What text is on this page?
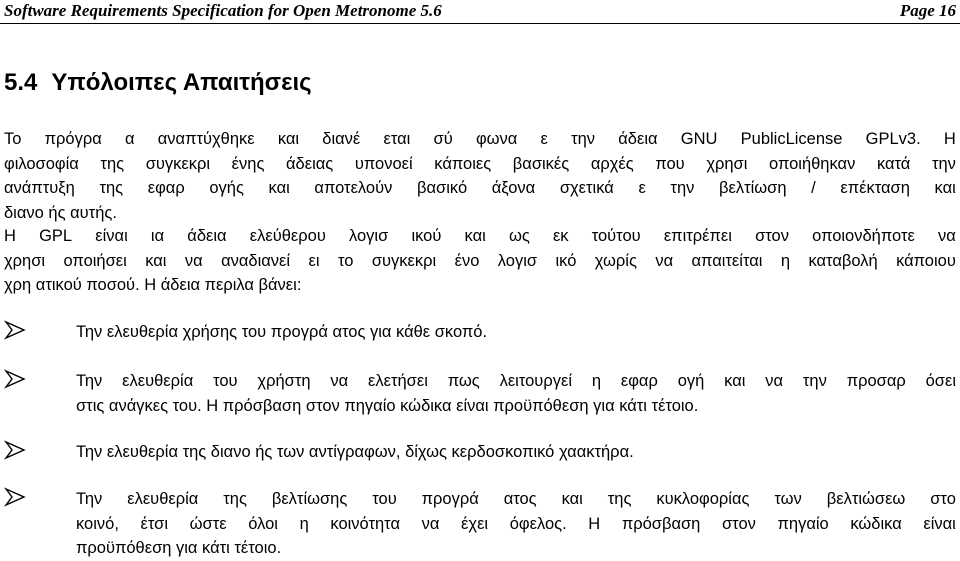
Software Requirements Specification for Open Metronome 5.6	Page 16
5.4 Υπόλοιπες Απαιτήσεις
Το πρόγρα α αναπτύχθηκε και διανέ εται σύ φωνα ε την άδεια GNU PublicLicense GPLv3. Η
φιλοσοφία της συγκεκρι ένης άδειας υπονοεί κάποιες βασικές αρχές που χρησι οποιήθηκαν κατά την
ανάπτυξη της εφαρ ογής και αποτελούν βασικό άξονα σχετικά ε την βελτίωση / επέκταση και
διανο ής αυτής.
Η GPL είναι ια άδεια ελεύθερου λογισ ικού και ως εκ τούτου επιτρέπει στον οποιονδήποτε να
χρησι οποιήσει και να αναδιανεί ει το συγκεκρι ένο λογισ ικό χωρίς να απαιτείται η καταβολή κάποιου
χρη ατικού ποσού. Η άδεια περιλα βάνει:
Την ελευθερία χρήσης του προγρά ατος για κάθε σκοπό.
Την ελευθερία του χρήστη να ελετήσει πως λειτουργεί η εφαρ ογή και να την προσαρ όσει
στις ανάγκες του. Η πρόσβαση στον πηγαίο κώδικα είναι προϋπόθεση για κάτι τέτοιο.
Την ελευθερία της διανο ής των αντίγραφων, δίχως κερδοσκοπικό χαακτήρα.
Την ελευθερία της βελτίωσης του προγρά ατος και της κυκλοφορίας των βελτιώσεω στο
κοινό, έτσι ώστε όλοι η κοινότητα να έχει όφελος. Η πρόσβαση στον πηγαίο κώδικα είναι
προϋπόθεση για κάτι τέτοιο.
